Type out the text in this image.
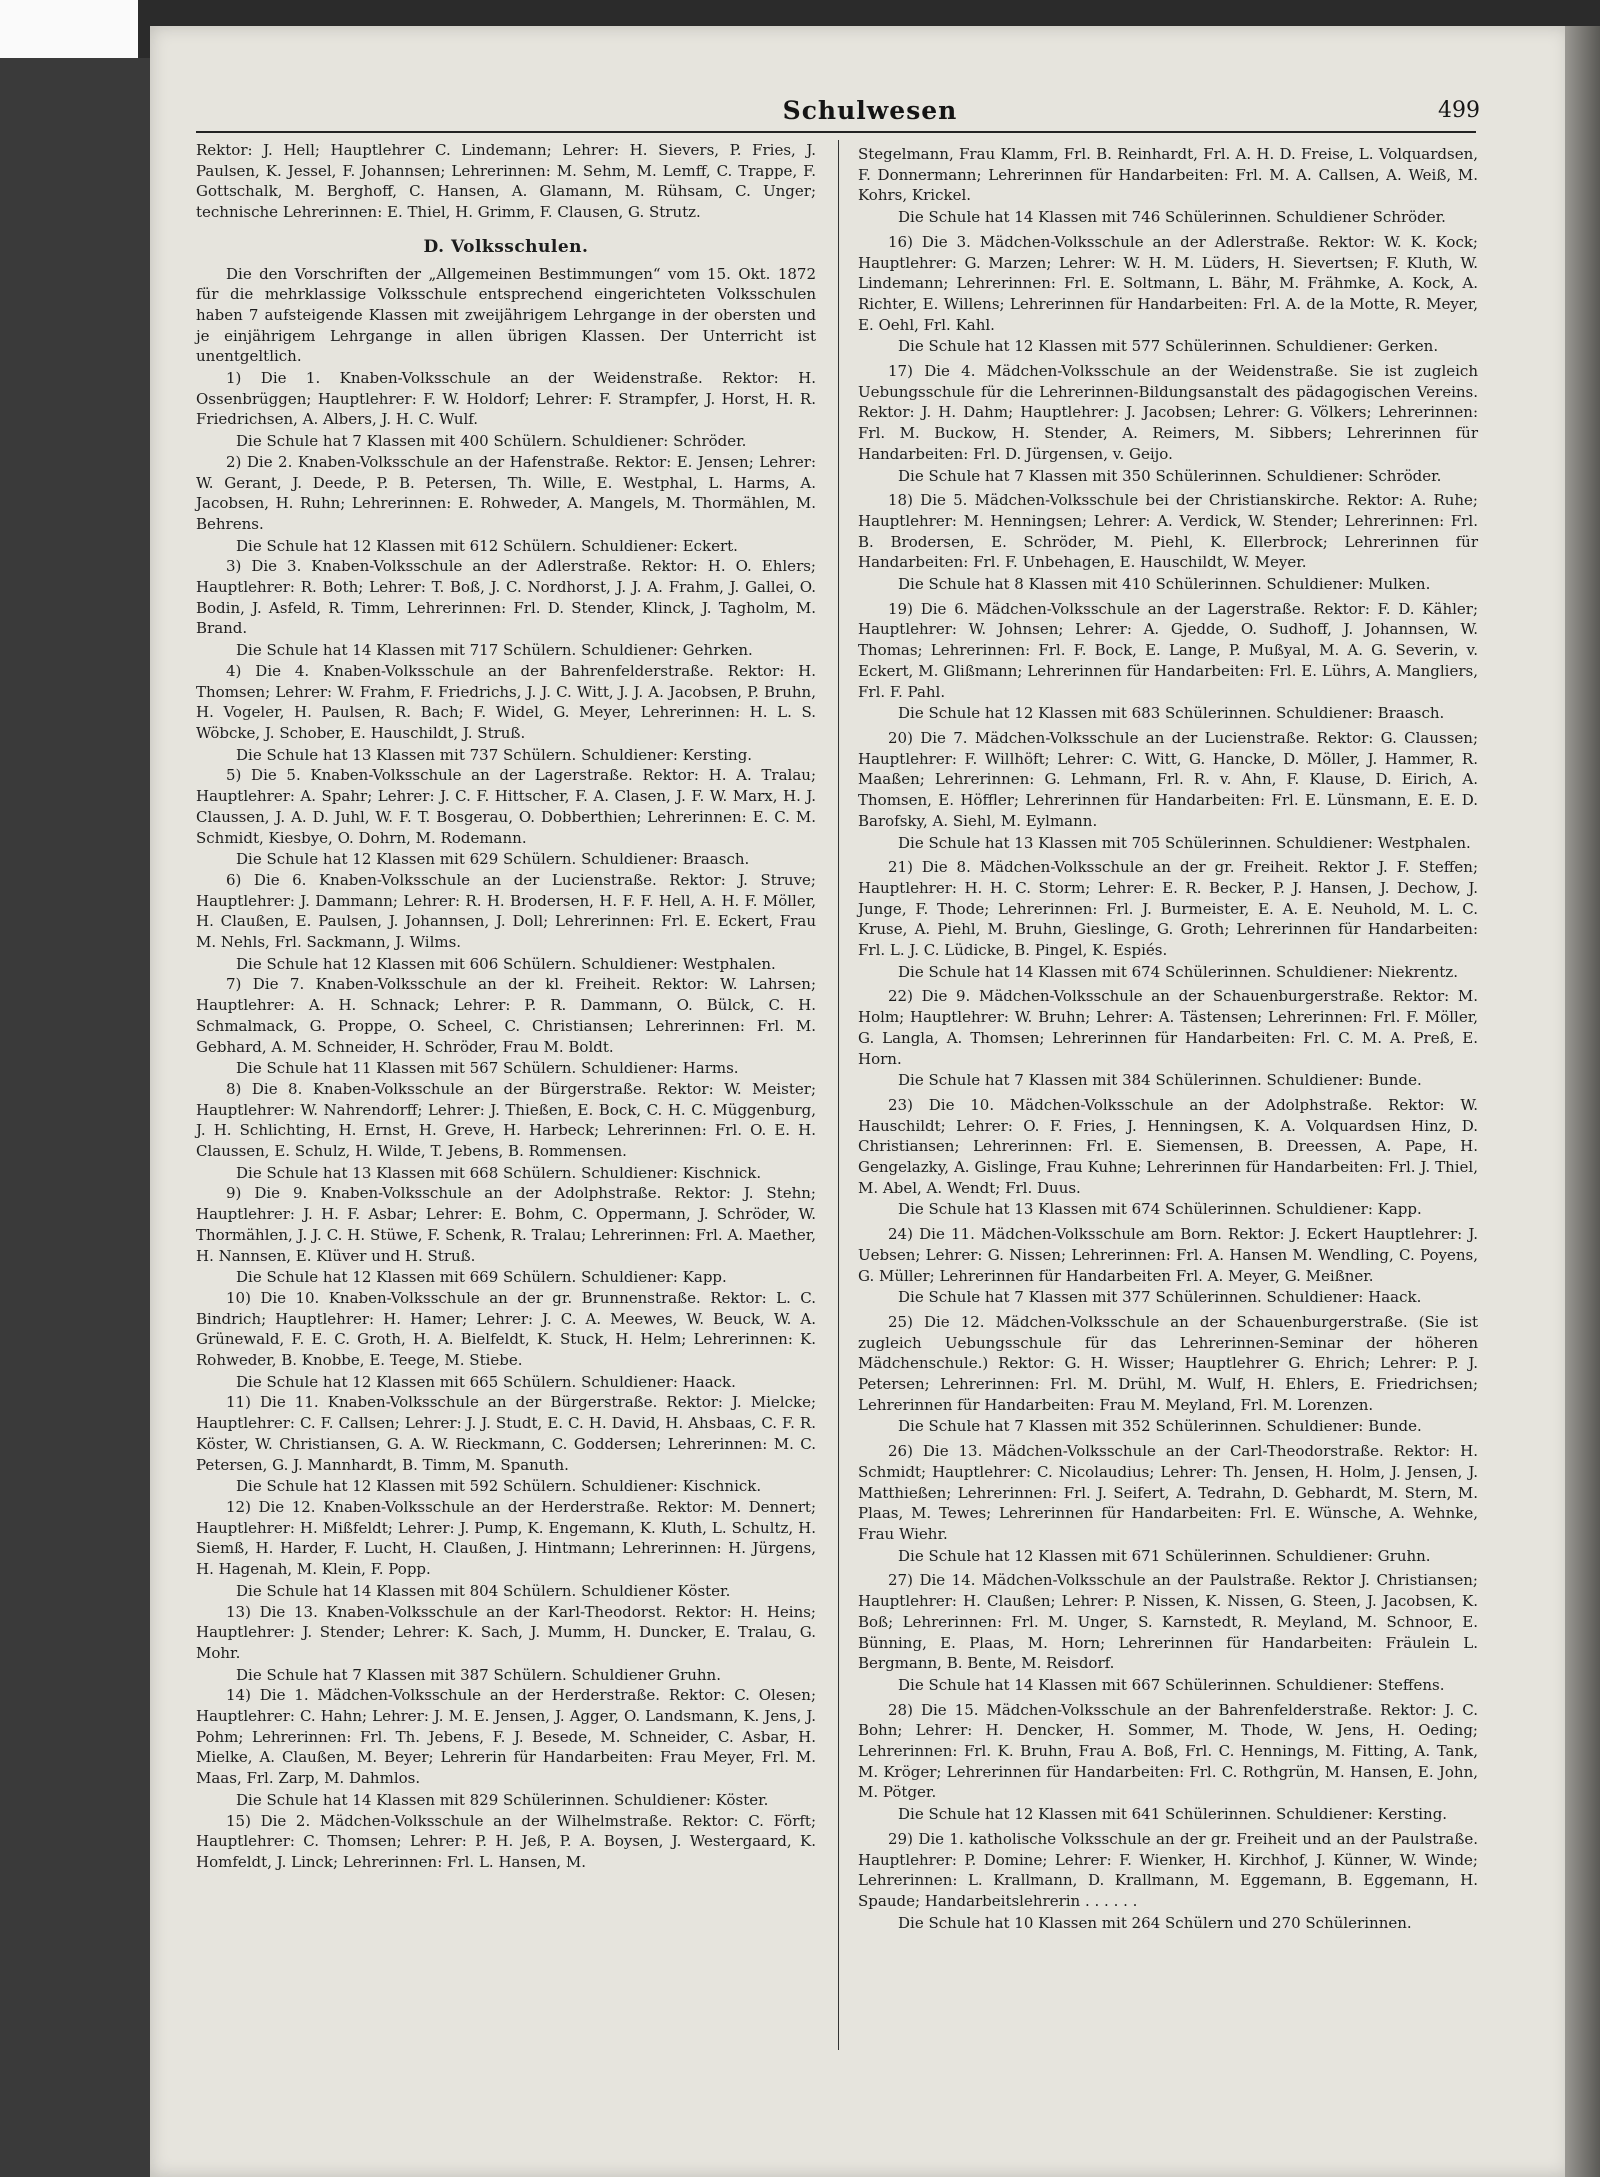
Schulwesen	499

Rektor: J. Hell; Hauptlehrer C. Lindemann; Lehrer: H. Sievers, P. Fries, J. Paulsen, K. Jessel, F. Johannsen; Lehrerinnen: M. Sehm, M. Lemff, C. Trappe, F. Gottschalk, M. Berghoff, C. Hansen, A. Glamann, M. Rühsam, C. Unger; technische Lehrerinnen: E. Thiel, H. Grimm, F. Clausen, G. Strutz.

D. Volksschulen.

Die den Vorschriften der „Allgemeinen Bestimmungen“ vom 15. Okt. 1872 für die mehrklassige Volksschule entsprechend eingerichteten Volksschulen haben 7 aufsteigende Klassen mit zweijährigem Lehrgange in der obersten und je einjährigem Lehrgange in allen übrigen Klassen. Der Unterricht ist unentgeltlich.

1) Die 1. Knaben-Volksschule an der Weidenstraße. Rektor: H. Ossenbrüggen; Hauptlehrer: F. W. Holdorf; Lehrer: F. Strampfer, J. Horst, H. R. Friedrichsen, A. Albers, J. H. C. Wulf.

Die Schule hat 7 Klassen mit 400 Schülern. Schuldiener: Schröder.

2) Die 2. Knaben-Volksschule an der Hafenstraße. Rektor: E. Jensen; Lehrer: W. Gerant, J. Deede, P. B. Petersen, Th. Wille, E. Westphal, L. Harms, A. Jacobsen, H. Ruhn; Lehrerinnen: E. Rohweder, A. Mangels, M. Thormählen, M. Behrens.

Die Schule hat 12 Klassen mit 612 Schülern. Schuldiener: Eckert.

3) Die 3. Knaben-Volksschule an der Adlerstraße. Rektor: H. O. Ehlers; Hauptlehrer: R. Both; Lehrer: T. Boß, J. C. Nordhorst, J. J. A. Frahm, J. Gallei, O. Bodin, J. Asfeld, R. Timm, Lehrerinnen: Frl. D. Stender, Klinck, J. Tagholm, M. Brand.

Die Schule hat 14 Klassen mit 717 Schülern. Schuldiener: Gehrken.

4) Die 4. Knaben-Volksschule an der Bahrenfelderstraße. Rektor: H. Thomsen; Lehrer: W. Frahm, F. Friedrichs, J. J. C. Witt, J. J. A. Jacobsen, P. Bruhn, H. Vogeler, H. Paulsen, R. Bach; F. Widel, G. Meyer, Lehrerinnen: H. L. S. Wöbcke, J. Schober, E. Hauschildt, J. Struß.

Die Schule hat 13 Klassen mit 737 Schülern. Schuldiener: Kersting.

5) Die 5. Knaben-Volksschule an der Lagerstraße. Rektor: H. A. Tralau; Hauptlehrer: A. Spahr; Lehrer: J. C. F. Hittscher, F. A. Clasen, J. F. W. Marx, H. J. Claussen, J. A. D. Juhl, W. F. T. Bosgerau, O. Dobberthien; Lehrerinnen: E. C. M. Schmidt, Kiesbye, O. Dohrn, M. Rodemann.

Die Schule hat 12 Klassen mit 629 Schülern. Schuldiener: Braasch.

6) Die 6. Knaben-Volksschule an der Lucienstraße. Rektor: J. Struve; Hauptlehrer: J. Dammann; Lehrer: R. H. Brodersen, H. F. F. Hell, A. H. F. Möller, H. Claußen, E. Paulsen, J. Johannsen, J. Doll; Lehrerinnen: Frl. E. Eckert, Frau M. Nehls, Frl. Sackmann, J. Wilms.

Die Schule hat 12 Klassen mit 606 Schülern. Schuldiener: Westphalen.

7) Die 7. Knaben-Volksschule an der kl. Freiheit. Rektor: W. Lahrsen; Hauptlehrer: A. H. Schnack; Lehrer: P. R. Dammann, O. Bülck, C. H. Schmalmack, G. Proppe, O. Scheel, C. Christiansen; Lehrerinnen: Frl. M. Gebhard, A. M. Schneider, H. Schröder, Frau M. Boldt.

Die Schule hat 11 Klassen mit 567 Schülern. Schuldiener: Harms.

8) Die 8. Knaben-Volksschule an der Bürgerstraße. Rektor: W. Meister; Hauptlehrer: W. Nahrendorff; Lehrer: J. Thießen, E. Bock, C. H. C. Müggenburg, J. H. Schlichting, H. Ernst, H. Greve, H. Harbeck; Lehrerinnen: Frl. O. E. H. Claussen, E. Schulz, H. Wilde, T. Jebens, B. Rommensen.

Die Schule hat 13 Klassen mit 668 Schülern. Schuldiener: Kischnick.

9) Die 9. Knaben-Volksschule an der Adolphstraße. Rektor: J. Stehn; Hauptlehrer: J. H. F. Asbar; Lehrer: E. Bohm, C. Oppermann, J. Schröder, W. Thormählen, J. J. C. H. Stüwe, F. Schenk, R. Tralau; Lehrerinnen: Frl. A. Maether, H. Nannsen, E. Klüver und H. Struß.

Die Schule hat 12 Klassen mit 669 Schülern. Schuldiener: Kapp.

10) Die 10. Knaben-Volksschule an der gr. Brunnenstraße. Rektor: L. C. Bindrich; Hauptlehrer: H. Hamer; Lehrer: J. C. A. Meewes, W. Beuck, W. A. Grünewald, F. E. C. Groth, H. A. Bielfeldt, K. Stuck, H. Helm; Lehrerinnen: K. Rohweder, B. Knobbe, E. Teege, M. Stiebe.

Die Schule hat 12 Klassen mit 665 Schülern. Schuldiener: Haack.

11) Die 11. Knaben-Volksschule an der Bürgerstraße. Rektor: J. Mielcke; Hauptlehrer: C. F. Callsen; Lehrer: J. J. Studt, E. C. H. David, H. Ahsbaas, C. F. R. Köster, W. Christiansen, G. A. W. Rieckmann, C. Goddersen; Lehrerinnen: M. C. Petersen, G. J. Mannhardt, B. Timm, M. Spanuth.

Die Schule hat 12 Klassen mit 592 Schülern. Schuldiener: Kischnick.

12) Die 12. Knaben-Volksschule an der Herderstraße. Rektor: M. Dennert; Hauptlehrer: H. Mißfeldt; Lehrer: J. Pump, K. Engemann, K. Kluth, L. Schultz, H. Siemß, H. Harder, F. Lucht, H. Claußen, J. Hintmann; Lehrerinnen: H. Jürgens, H. Hagenah, M. Klein, F. Popp.

Die Schule hat 14 Klassen mit 804 Schülern. Schuldiener Köster.

13) Die 13. Knaben-Volksschule an der Karl-Theodorst. Rektor: H. Heins; Hauptlehrer: J. Stender; Lehrer: K. Sach, J. Mumm, H. Duncker, E. Tralau, G. Mohr.

Die Schule hat 7 Klassen mit 387 Schülern. Schuldiener Gruhn.

14) Die 1. Mädchen-Volksschule an der Herderstraße. Rektor: C. Olesen; Hauptlehrer: C. Hahn; Lehrer: J. M. E. Jensen, J. Agger, O. Landsmann, K. Jens, J. Pohm; Lehrerinnen: Frl. Th. Jebens, F. J. Besede, M. Schneider, C. Asbar, H. Mielke, A. Claußen, M. Beyer; Lehrerin für Handarbeiten: Frau Meyer, Frl. M. Maas, Frl. Zarp, M. Dahmlos.

Die Schule hat 14 Klassen mit 829 Schülerinnen. Schuldiener: Köster.

15) Die 2. Mädchen-Volksschule an der Wilhelmstraße. Rektor: C. Förft; Hauptlehrer: C. Thomsen; Lehrer: P. H. Jeß, P. A. Boysen, J. Westergaard, K. Homfeldt, J. Linck; Lehrerinnen: Frl. L. Hansen, M.

Stegelmann, Frau Klamm, Frl. B. Reinhardt, Frl. A. H. D. Freise, L. Volquardsen, F. Donnermann; Lehrerinnen für Handarbeiten: Frl. M. A. Callsen, A. Weiß, M. Kohrs, Krickel.

Die Schule hat 14 Klassen mit 746 Schülerinnen. Schuldiener Schröder.

16) Die 3. Mädchen-Volksschule an der Adlerstraße. Rektor: W. K. Kock; Hauptlehrer: G. Marzen; Lehrer: W. H. M. Lüders, H. Sievertsen; F. Kluth, W. Lindemann; Lehrerinnen: Frl. E. Soltmann, L. Bähr, M. Frähmke, A. Kock, A. Richter, E. Willens; Lehrerinnen für Handarbeiten: Frl. A. de la Motte, R. Meyer, E. Oehl, Frl. Kahl.

Die Schule hat 12 Klassen mit 577 Schülerinnen. Schuldiener: Gerken.

17) Die 4. Mädchen-Volksschule an der Weidenstraße. Sie ist zugleich Uebungsschule für die Lehrerinnen-Bildungsanstalt des pädagogischen Vereins. Rektor: J. H. Dahm; Hauptlehrer: J. Jacobsen; Lehrer: G. Völkers; Lehrerinnen: Frl. M. Buckow, H. Stender, A. Reimers, M. Sibbers; Lehrerinnen für Handarbeiten: Frl. D. Jürgensen, v. Geijo.

Die Schule hat 7 Klassen mit 350 Schülerinnen. Schuldiener: Schröder.

18) Die 5. Mädchen-Volksschule bei der Christianskirche. Rektor: A. Ruhe; Hauptlehrer: M. Henningsen; Lehrer: A. Verdick, W. Stender; Lehrerinnen: Frl. B. Brodersen, E. Schröder, M. Piehl, K. Ellerbrock; Lehrerinnen für Handarbeiten: Frl. F. Unbehagen, E. Hauschildt, W. Meyer.

Die Schule hat 8 Klassen mit 410 Schülerinnen. Schuldiener: Mulken.

19) Die 6. Mädchen-Volksschule an der Lagerstraße. Rektor: F. D. Kähler; Hauptlehrer: W. Johnsen; Lehrer: A. Gjedde, O. Sudhoff, J. Johannsen, W. Thomas; Lehrerinnen: Frl. F. Bock, E. Lange, P. Mußyal, M. A. G. Severin, v. Eckert, M. Glißmann; Lehrerinnen für Handarbeiten: Frl. E. Lührs, A. Mangliers, Frl. F. Pahl.

Die Schule hat 12 Klassen mit 683 Schülerinnen. Schuldiener: Braasch.

20) Die 7. Mädchen-Volksschule an der Lucienstraße. Rektor: G. Claussen; Hauptlehrer: F. Willhöft; Lehrer: C. Witt, G. Hancke, D. Möller, J. Hammer, R. Maaßen; Lehrerinnen: G. Lehmann, Frl. R. v. Ahn, F. Klause, D. Eirich, A. Thomsen, E. Höffler; Lehrerinnen für Handarbeiten: Frl. E. Lünsmann, E. E. D. Barofsky, A. Siehl, M. Eylmann.

Die Schule hat 13 Klassen mit 705 Schülerinnen. Schuldiener: Westphalen.

21) Die 8. Mädchen-Volksschule an der gr. Freiheit. Rektor J. F. Steffen; Hauptlehrer: H. H. C. Storm; Lehrer: E. R. Becker, P. J. Hansen, J. Dechow, J. Junge, F. Thode; Lehrerinnen: Frl. J. Burmeister, E. A. E. Neuhold, M. L. C. Kruse, A. Piehl, M. Bruhn, Gieslinge, G. Groth; Lehrerinnen für Handarbeiten: Frl. L. J. C. Lüdicke, B. Pingel, K. Espiés.

Die Schule hat 14 Klassen mit 674 Schülerinnen. Schuldiener: Niekrentz.

22) Die 9. Mädchen-Volksschule an der Schauenburgerstraße. Rektor: M. Holm; Hauptlehrer: W. Bruhn; Lehrer: A. Tästensen; Lehrerinnen: Frl. F. Möller, G. Langla, A. Thomsen; Lehrerinnen für Handarbeiten: Frl. C. M. A. Preß, E. Horn.

Die Schule hat 7 Klassen mit 384 Schülerinnen. Schuldiener: Bunde.

23) Die 10. Mädchen-Volksschule an der Adolphstraße. Rektor: W. Hauschildt; Lehrer: O. F. Fries, J. Henningsen, K. A. Volquardsen Hinz, D. Christiansen; Lehrerinnen: Frl. E. Siemensen, B. Dreessen, A. Pape, H. Gengelazky, A. Gislinge, Frau Kuhne; Lehrerinnen für Handarbeiten: Frl. J. Thiel, M. Abel, A. Wendt; Frl. Duus.

Die Schule hat 13 Klassen mit 674 Schülerinnen. Schuldiener: Kapp.

24) Die 11. Mädchen-Volksschule am Born. Rektor: J. Eckert Hauptlehrer: J. Uebsen; Lehrer: G. Nissen; Lehrerinnen: Frl. A. Hansen M. Wendling, C. Poyens, G. Müller; Lehrerinnen für Handarbeiten Frl. A. Meyer, G. Meißner.

Die Schule hat 7 Klassen mit 377 Schülerinnen. Schuldiener: Haack.

25) Die 12. Mädchen-Volksschule an der Schauenburgerstraße. (Sie ist zugleich Uebungsschule für das Lehrerinnen-Seminar der höheren Mädchenschule.) Rektor: G. H. Wisser; Hauptlehrer G. Ehrich; Lehrer: P. J. Petersen; Lehrerinnen: Frl. M. Drühl, M. Wulf, H. Ehlers, E. Friedrichsen; Lehrerinnen für Handarbeiten: Frau M. Meyland, Frl. M. Lorenzen.

Die Schule hat 7 Klassen mit 352 Schülerinnen. Schuldiener: Bunde.

26) Die 13. Mädchen-Volksschule an der Carl-Theodorstraße. Rektor: H. Schmidt; Hauptlehrer: C. Nicolaudius; Lehrer: Th. Jensen, H. Holm, J. Jensen, J. Matthießen; Lehrerinnen: Frl. J. Seifert, A. Tedrahn, D. Gebhardt, M. Stern, M. Plaas, M. Tewes; Lehrerinnen für Handarbeiten: Frl. E. Wünsche, A. Wehnke, Frau Wiehr.

Die Schule hat 12 Klassen mit 671 Schülerinnen. Schuldiener: Gruhn.

27) Die 14. Mädchen-Volksschule an der Paulstraße. Rektor J. Christiansen; Hauptlehrer: H. Claußen; Lehrer: P. Nissen, K. Nissen, G. Steen, J. Jacobsen, K. Boß; Lehrerinnen: Frl. M. Unger, S. Karnstedt, R. Meyland, M. Schnoor, E. Bünning, E. Plaas, M. Horn; Lehrerinnen für Handarbeiten: Fräulein L. Bergmann, B. Bente, M. Reisdorf.

Die Schule hat 14 Klassen mit 667 Schülerinnen. Schuldiener: Steffens.

28) Die 15. Mädchen-Volksschule an der Bahrenfelderstraße. Rektor: J. C. Bohn; Lehrer: H. Dencker, H. Sommer, M. Thode, W. Jens, H. Oeding; Lehrerinnen: Frl. K. Bruhn, Frau A. Boß, Frl. C. Hennings, M. Fitting, A. Tank, M. Kröger; Lehrerinnen für Handarbeiten: Frl. C. Rothgrün, M. Hansen, E. John, M. Pötger.

Die Schule hat 12 Klassen mit 641 Schülerinnen. Schuldiener: Kersting.

29) Die 1. katholische Volksschule an der gr. Freiheit und an der Paulstraße. Hauptlehrer: P. Domine; Lehrer: F. Wienker, H. Kirchhof, J. Künner, W. Winde; Lehrerinnen: L. Krallmann, D. Krallmann, M. Eggemann, B. Eggemann, H. Spaude; Handarbeitslehrerin . . . . . .

Die Schule hat 10 Klassen mit 264 Schülern und 270 Schülerinnen.
